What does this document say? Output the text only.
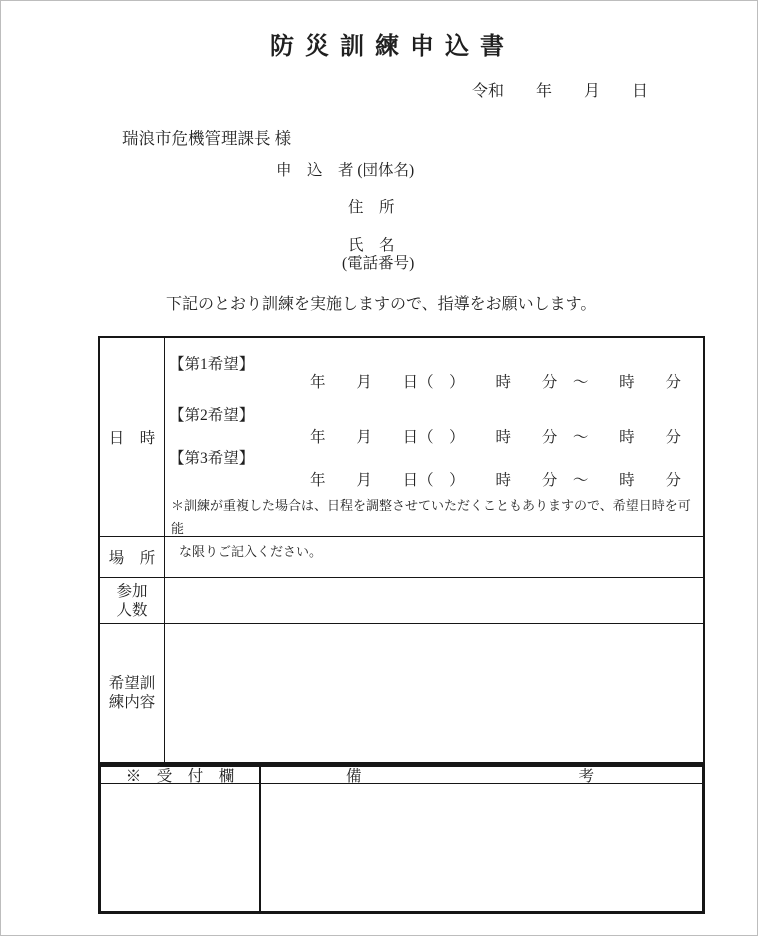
防災訓練申込書
令和　　年　　月　　日
瑞浪市危機管理課長 様
申　込　者 (団体名)
住　所
氏　名
(電話番号)
下記のとおり訓練を実施しますので、指導をお願いします。
日　時
【第1希望】
年 月 日（　） 時 分　～ 時 分
【第2希望】
年 月 日（　） 時 分　～ 時 分
【第3希望】
年 月 日（　） 時 分　～ 時 分
＊訓練が重複した場合は、日程を調整させていただくこともありますので、希望日時を可能
な限りご記入ください。
場　所
参加人数
希望訓練内容
※　受　付　欄	備	考
